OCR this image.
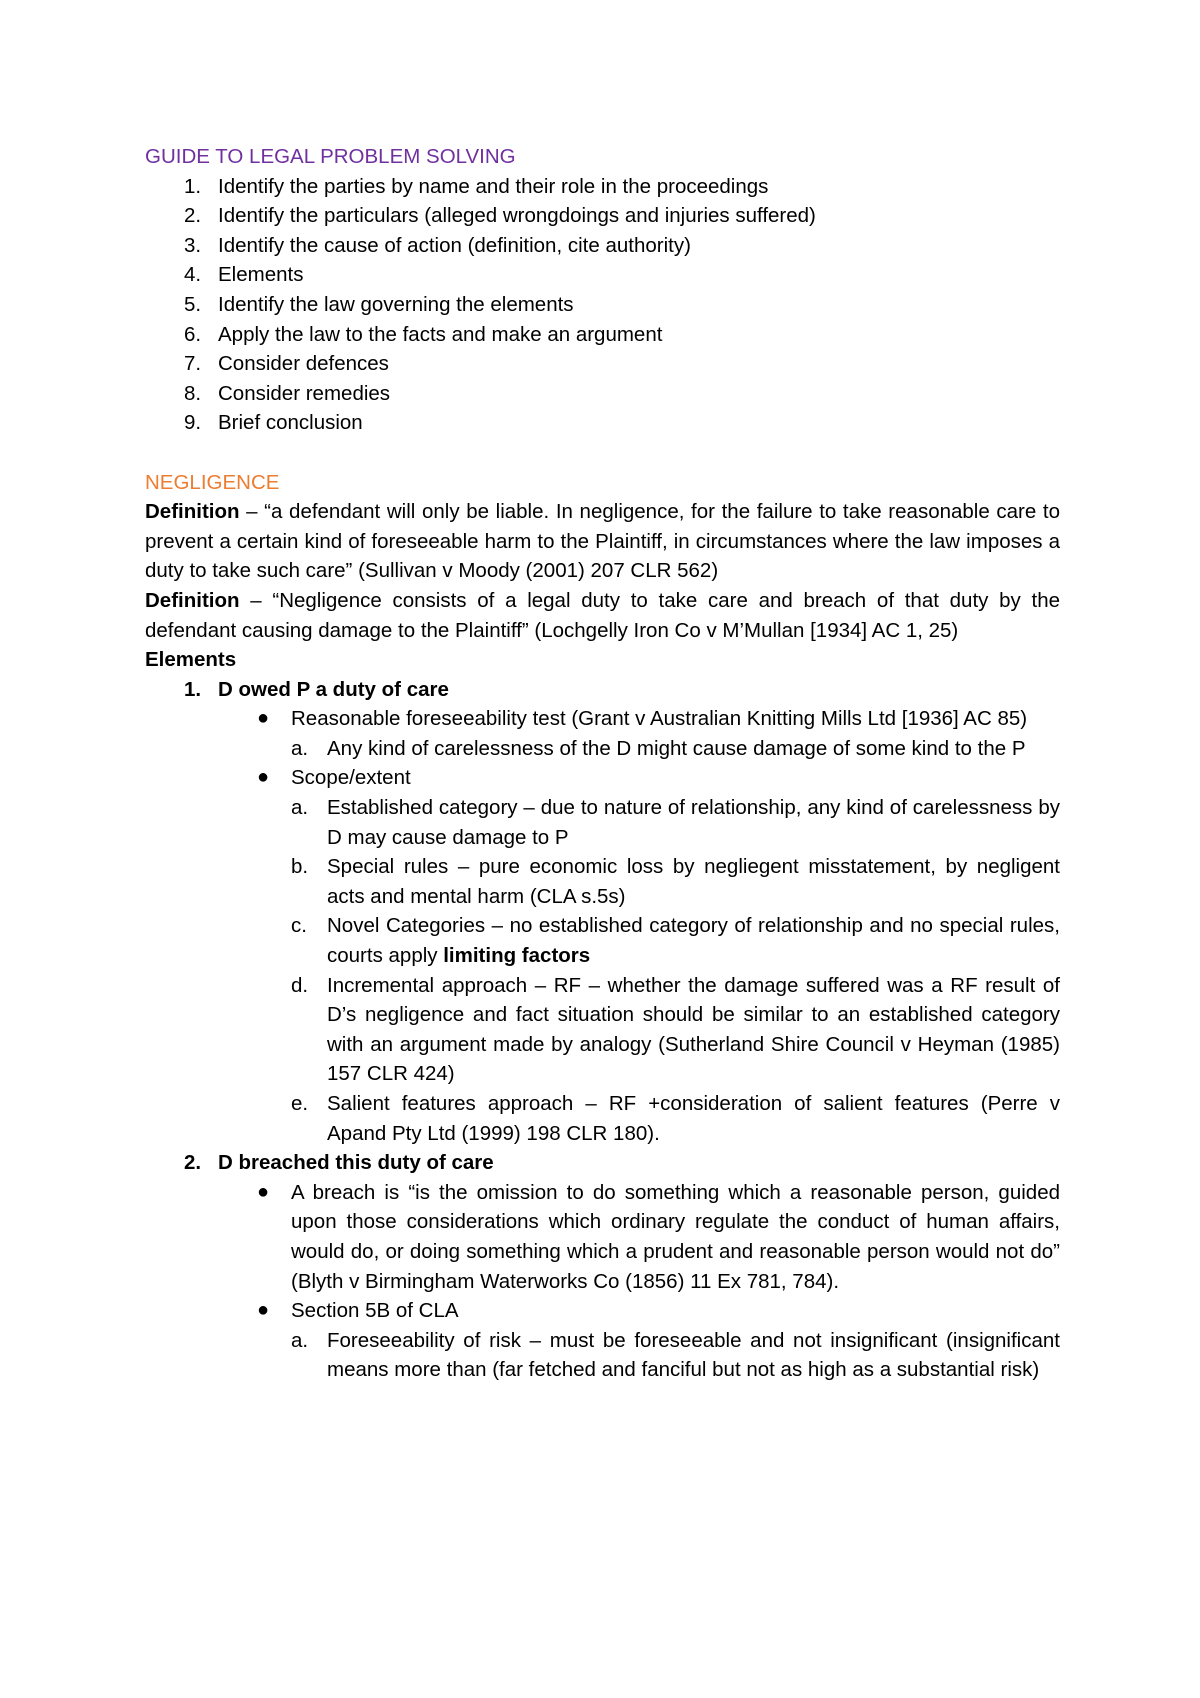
GUIDE TO LEGAL PROBLEM SOLVING
1. Identify the parties by name and their role in the proceedings
2. Identify the particulars (alleged wrongdoings and injuries suffered)
3. Identify the cause of action (definition, cite authority)
4. Elements
5. Identify the law governing the elements
6. Apply the law to the facts and make an argument
7. Consider defences
8. Consider remedies
9. Brief conclusion
NEGLIGENCE
Definition – “a defendant will only be liable. In negligence, for the failure to take reasonable care to prevent a certain kind of foreseeable harm to the Plaintiff, in circumstances where the law imposes a duty to take such care” (Sullivan v Moody (2001) 207 CLR 562)
Definition – “Negligence consists of a legal duty to take care and breach of that duty by the defendant causing damage to the Plaintiff” (Lochgelly Iron Co v M’Mullan [1934] AC 1, 25)
Elements
1. D owed P a duty of care
● Reasonable foreseeability test (Grant v Australian Knitting Mills Ltd [1936] AC 85)
a. Any kind of carelessness of the D might cause damage of some kind to the P
● Scope/extent
a. Established category – due to nature of relationship, any kind of carelessness by D may cause damage to P
b. Special rules – pure economic loss by negliegent misstatement, by negligent acts and mental harm (CLA s.5s)
c. Novel Categories – no established category of relationship and no special rules, courts apply limiting factors
d. Incremental approach – RF – whether the damage suffered was a RF result of D’s negligence and fact situation should be similar to an established category with an argument made by analogy (Sutherland Shire Council v Heyman (1985) 157 CLR 424)
e. Salient features approach – RF +consideration of salient features (Perre v Apand Pty Ltd (1999) 198 CLR 180).
2. D breached this duty of care
● A breach is “is the omission to do something which a reasonable person, guided upon those considerations which ordinary regulate the conduct of human affairs, would do, or doing something which a prudent and reasonable person would not do” (Blyth v Birmingham Waterworks Co (1856) 11 Ex 781, 784).
● Section 5B of CLA
a. Foreseeability of risk – must be foreseeable and not insignificant (insignificant means more than (far fetched and fanciful but not as high as a substantial risk)
